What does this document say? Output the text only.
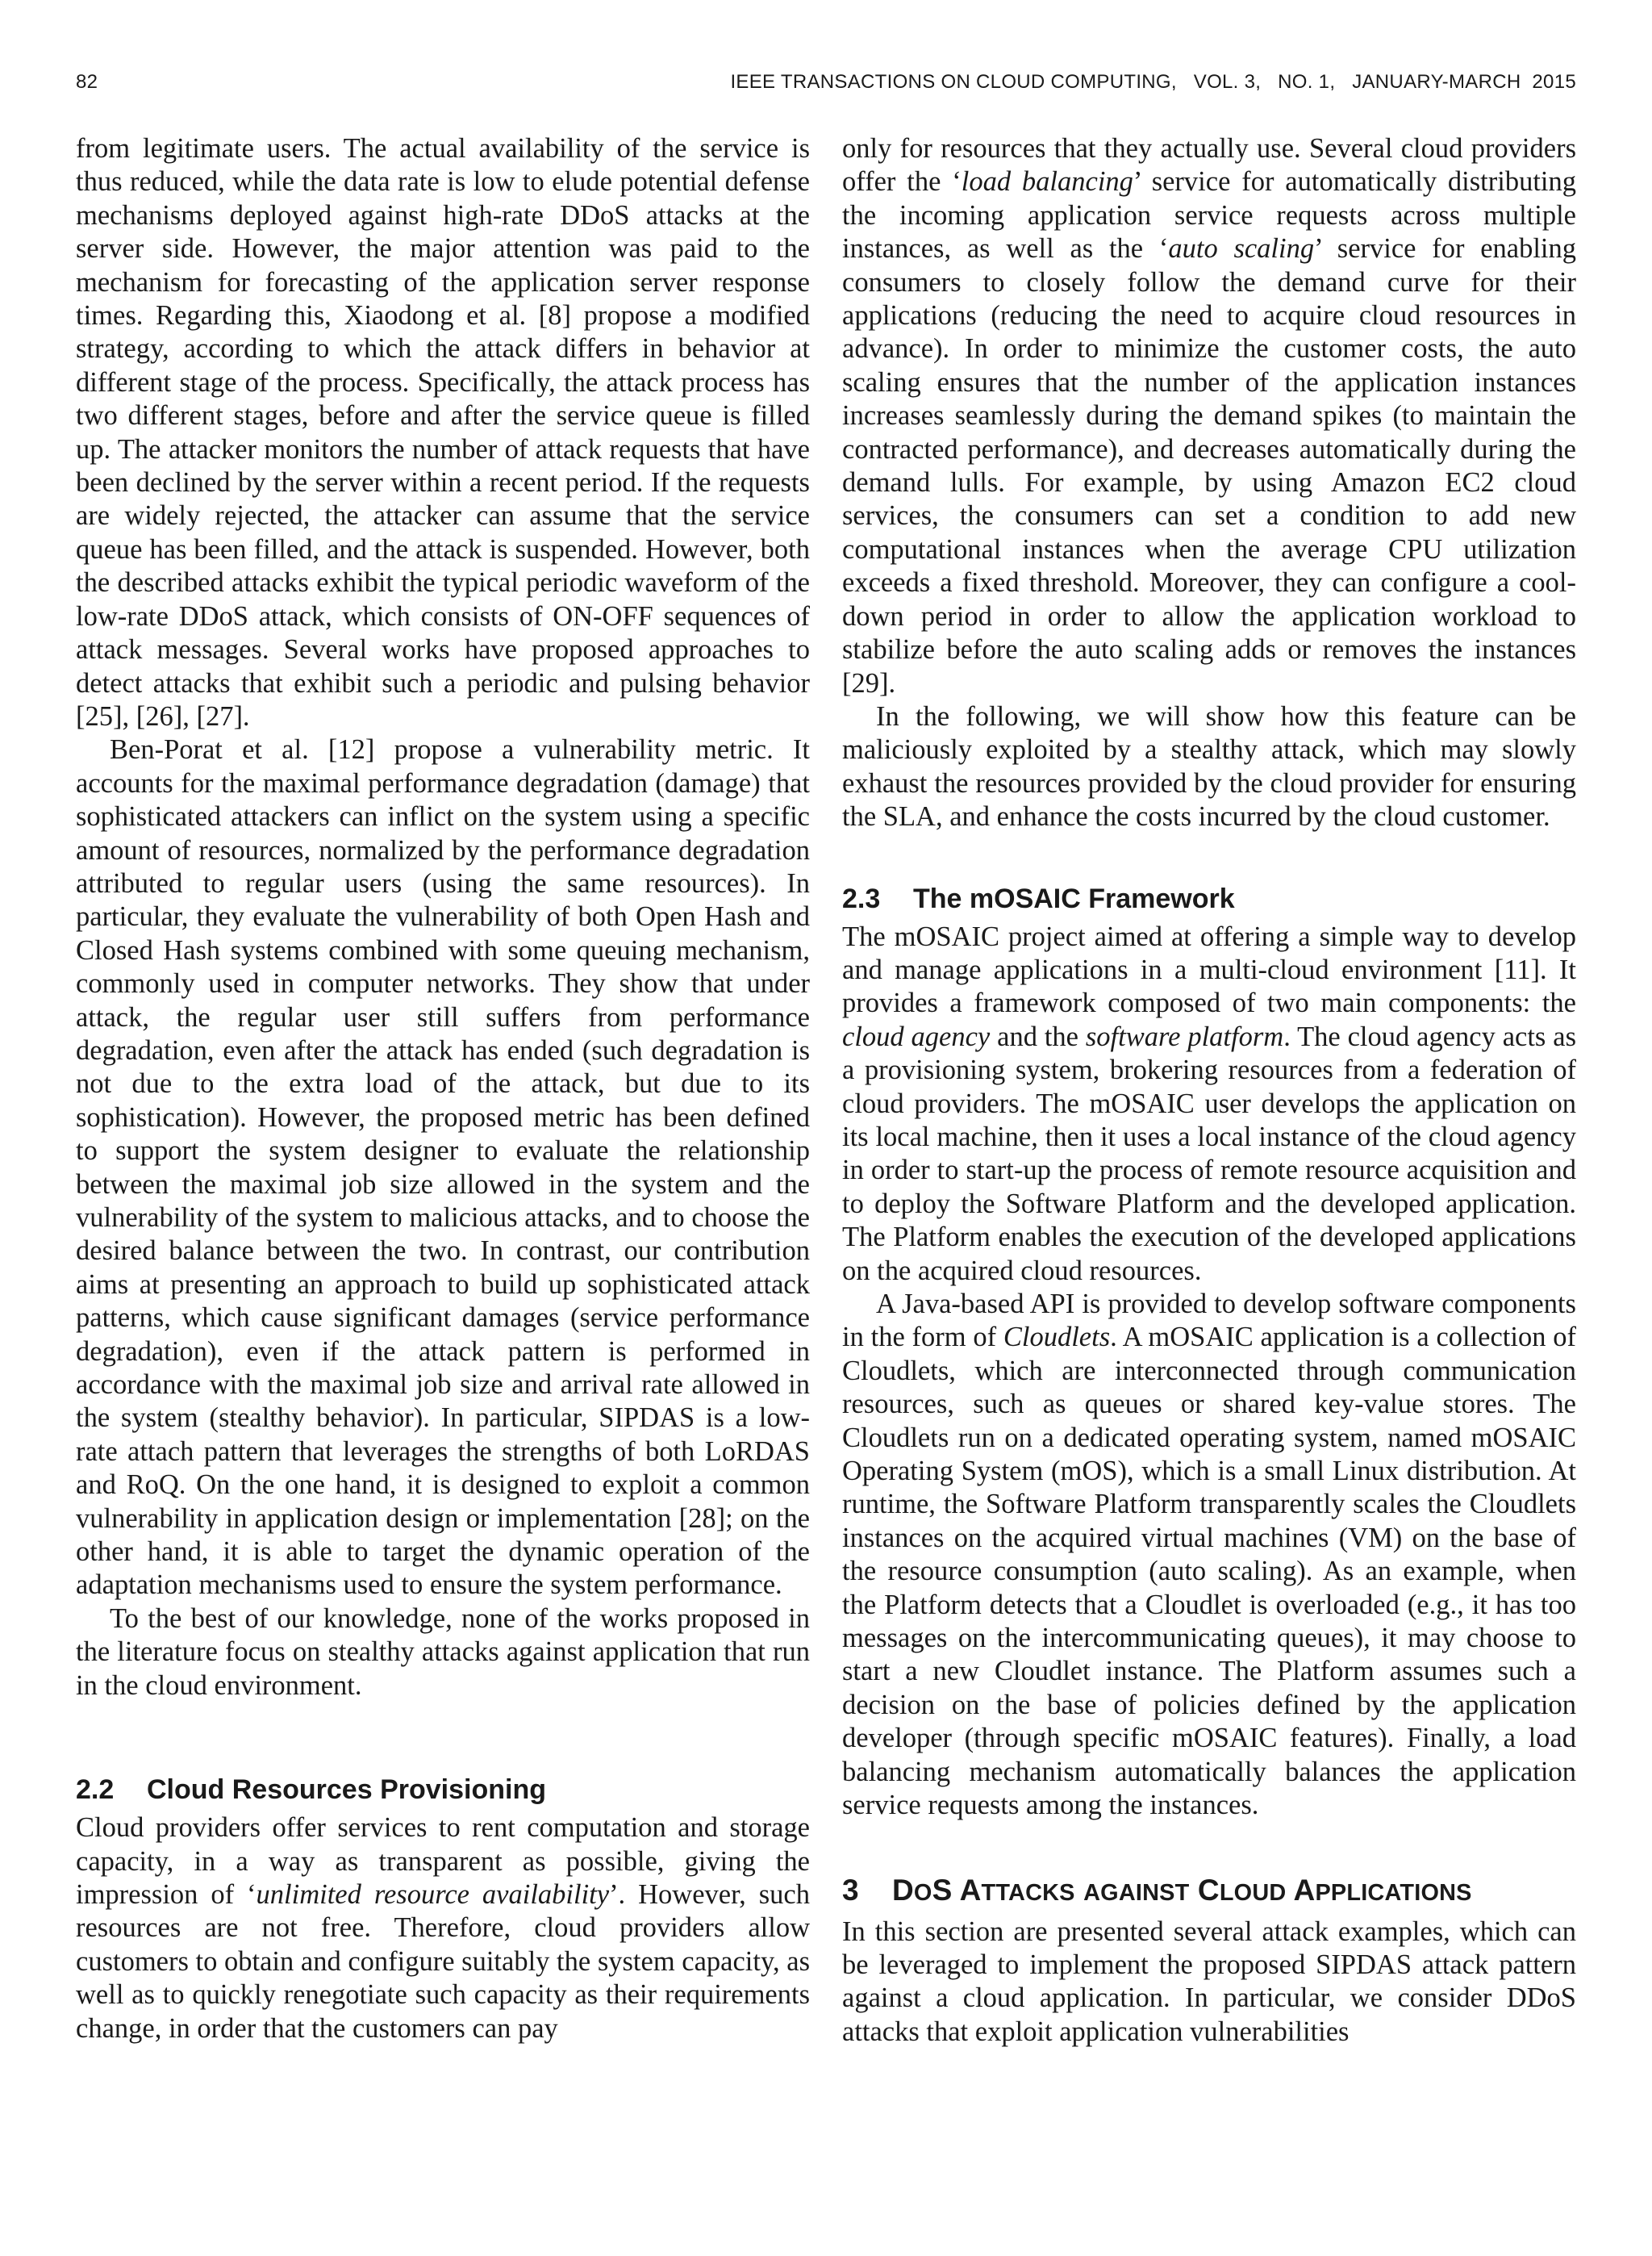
82	IEEE TRANSACTIONS ON CLOUD COMPUTING,   VOL. 3,   NO. 1,   JANUARY-MARCH  2015

from legitimate users. The actual availability of the service is thus reduced, while the data rate is low to elude potential defense mechanisms deployed against high-rate DDoS attacks at the server side. However, the major attention was paid to the mechanism for forecasting of the application server response times. Regarding this, Xiaodong et al. [8] propose a modified strategy, according to which the attack differs in behavior at different stage of the process. Specifically, the attack process has two different stages, before and after the service queue is filled up. The attacker monitors the number of attack requests that have been declined by the server within a recent period. If the requests are widely rejected, the attacker can assume that the service queue has been filled, and the attack is suspended. However, both the described attacks exhibit the typical periodic waveform of the low-rate DDoS attack, which consists of ON-OFF sequences of attack messages. Several works have proposed approaches to detect attacks that exhibit such a periodic and pulsing behavior [25], [26], [27].

Ben-Porat et al. [12] propose a vulnerability metric. It accounts for the maximal performance degradation (damage) that sophisticated attackers can inflict on the system using a specific amount of resources, normalized by the performance degradation attributed to regular users (using the same resources). In particular, they evaluate the vulnerability of both Open Hash and Closed Hash systems combined with some queuing mechanism, commonly used in computer networks. They show that under attack, the regular user still suffers from performance degradation, even after the attack has ended (such degradation is not due to the extra load of the attack, but due to its sophistication). However, the proposed metric has been defined to support the system designer to evaluate the relationship between the maximal job size allowed in the system and the vulnerability of the system to malicious attacks, and to choose the desired balance between the two. In contrast, our contribution aims at presenting an approach to build up sophisticated attack patterns, which cause significant damages (service performance degradation), even if the attack pattern is performed in accordance with the maximal job size and arrival rate allowed in the system (stealthy behavior). In particular, SIPDAS is a low-rate attach pattern that leverages the strengths of both LoRDAS and RoQ. On the one hand, it is designed to exploit a common vulnerability in application design or implementation [28]; on the other hand, it is able to target the dynamic operation of the adaptation mechanisms used to ensure the system performance.

To the best of our knowledge, none of the works proposed in the literature focus on stealthy attacks against application that run in the cloud environment.

2.2 Cloud Resources Provisioning

Cloud providers offer services to rent computation and storage capacity, in a way as transparent as possible, giving the impression of ‘unlimited resource availability’. However, such resources are not free. Therefore, cloud providers allow customers to obtain and configure suitably the system capacity, as well as to quickly renegotiate such capacity as their requirements change, in order that the customers can pay

only for resources that they actually use. Several cloud providers offer the ‘load balancing’ service for automatically distributing the incoming application service requests across multiple instances, as well as the ‘auto scaling’ service for enabling consumers to closely follow the demand curve for their applications (reducing the need to acquire cloud resources in advance). In order to minimize the customer costs, the auto scaling ensures that the number of the application instances increases seamlessly during the demand spikes (to maintain the contracted performance), and decreases automatically during the demand lulls. For example, by using Amazon EC2 cloud services, the consumers can set a condition to add new computational instances when the average CPU utilization exceeds a fixed threshold. Moreover, they can configure a cool-down period in order to allow the application workload to stabilize before the auto scaling adds or removes the instances [29].

In the following, we will show how this feature can be maliciously exploited by a stealthy attack, which may slowly exhaust the resources provided by the cloud provider for ensuring the SLA, and enhance the costs incurred by the cloud customer.

2.3 The mOSAIC Framework

The mOSAIC project aimed at offering a simple way to develop and manage applications in a multi-cloud environment [11]. It provides a framework composed of two main components: the cloud agency and the software platform. The cloud agency acts as a provisioning system, brokering resources from a federation of cloud providers. The mOSAIC user develops the application on its local machine, then it uses a local instance of the cloud agency in order to start-up the process of remote resource acquisition and to deploy the Software Platform and the developed application. The Platform enables the execution of the developed applications on the acquired cloud resources.

A Java-based API is provided to develop software components in the form of Cloudlets. A mOSAIC application is a collection of Cloudlets, which are interconnected through communication resources, such as queues or shared key-value stores. The Cloudlets run on a dedicated operating system, named mOSAIC Operating System (mOS), which is a small Linux distribution. At runtime, the Software Platform transparently scales the Cloudlets instances on the acquired virtual machines (VM) on the base of the resource consumption (auto scaling). As an example, when the Platform detects that a Cloudlet is overloaded (e.g., it has too messages on the intercommunicating queues), it may choose to start a new Cloudlet instance. The Platform assumes such a decision on the base of policies defined by the application developer (through specific mOSAIC features). Finally, a load balancing mechanism automatically balances the application service requests among the instances.

3 DOS ATTACKS AGAINST CLOUD APPLICATIONS

In this section are presented several attack examples, which can be leveraged to implement the proposed SIPDAS attack pattern against a cloud application. In particular, we consider DDoS attacks that exploit application vulnerabilities
